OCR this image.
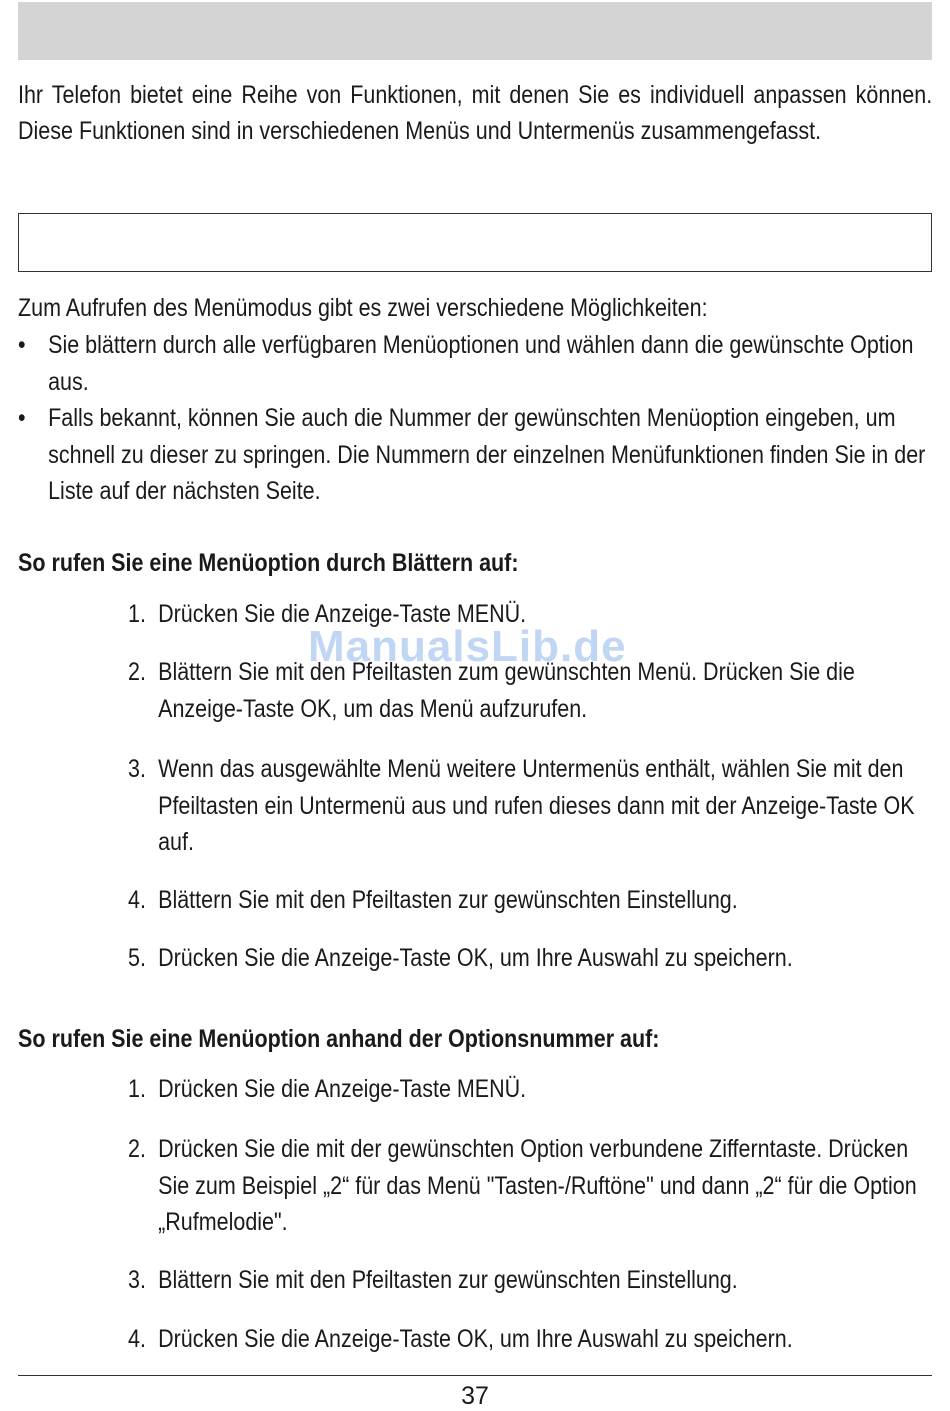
Ihr Telefon bietet eine Reihe von Funktionen, mit denen Sie es individuell anpassen können. Diese Funktionen sind in verschiedenen Menüs und Untermenüs zusammengefasst.
Zum Aufrufen des Menümodus gibt es zwei verschiedene Möglichkeiten:
• Sie blättern durch alle verfügbaren Menüoptionen und wählen dann die gewünschte Option aus.
• Falls bekannt, können Sie auch die Nummer der gewünschten Menüoption eingeben, um schnell zu dieser zu springen. Die Nummern der einzelnen Menüfunktionen finden Sie in der Liste auf der nächsten Seite.
So rufen Sie eine Menüoption durch Blättern auf:
1. Drücken Sie die Anzeige-Taste MENÜ.
2. Blättern Sie mit den Pfeiltasten zum gewünschten Menü. Drücken Sie die Anzeige-Taste OK, um das Menü aufzurufen.
3. Wenn das ausgewählte Menü weitere Untermenüs enthält, wählen Sie mit den Pfeiltasten ein Untermenü aus und rufen dieses dann mit der Anzeige-Taste OK auf.
4. Blättern Sie mit den Pfeiltasten zur gewünschten Einstellung.
5. Drücken Sie die Anzeige-Taste OK, um Ihre Auswahl zu speichern.
So rufen Sie eine Menüoption anhand der Optionsnummer auf:
1. Drücken Sie die Anzeige-Taste MENÜ.
2. Drücken Sie die mit der gewünschten Option verbundene Zifferntaste. Drücken Sie zum Beispiel „2“ für das Menü "Tasten-/Ruftöne" und dann „2“ für die Option „Rufmelodie".
3. Blättern Sie mit den Pfeiltasten zur gewünschten Einstellung.
4. Drücken Sie die Anzeige-Taste OK, um Ihre Auswahl zu speichern.
ManualsLib.de
37
